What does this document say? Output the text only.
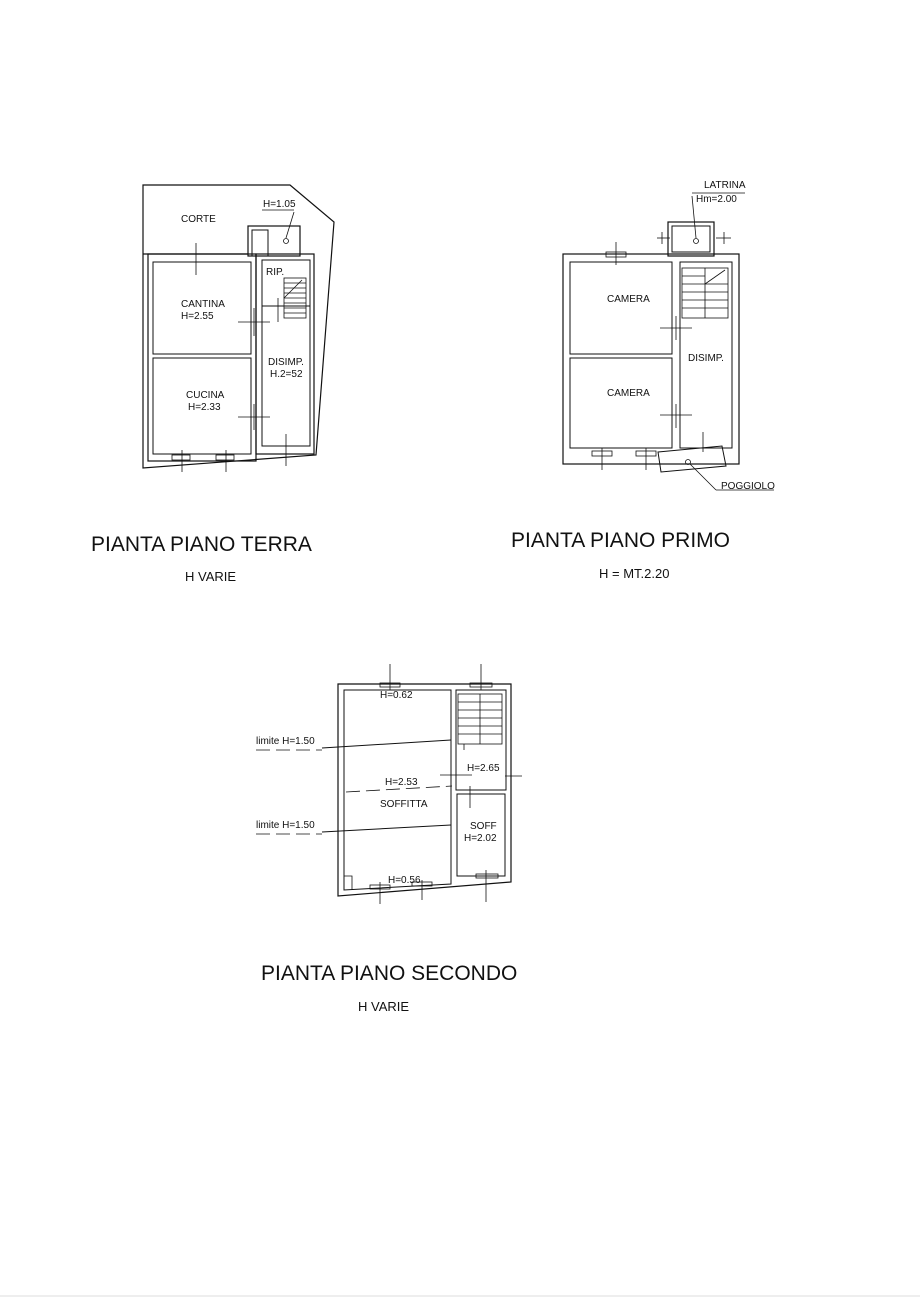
CORTE
H=1.05
RIP.
CANTINA
H=2.55
DISIMP.
H.2=52
CUCINA
H=2.33
PIANTA PIANO TERRA
H VARIE
LATRINA
Hm=2.00
CAMERA
DISIMP.
CAMERA
POGGIOLO
PIANTA PIANO PRIMO
H = MT.2.20
H=0.62
limite H=1.50
H=2.53
H=2.65
SOFFITTA
limite H=1.50	SOFF
H=2.02
H=0.56
PIANTA PIANO SECONDO
H VARIE
